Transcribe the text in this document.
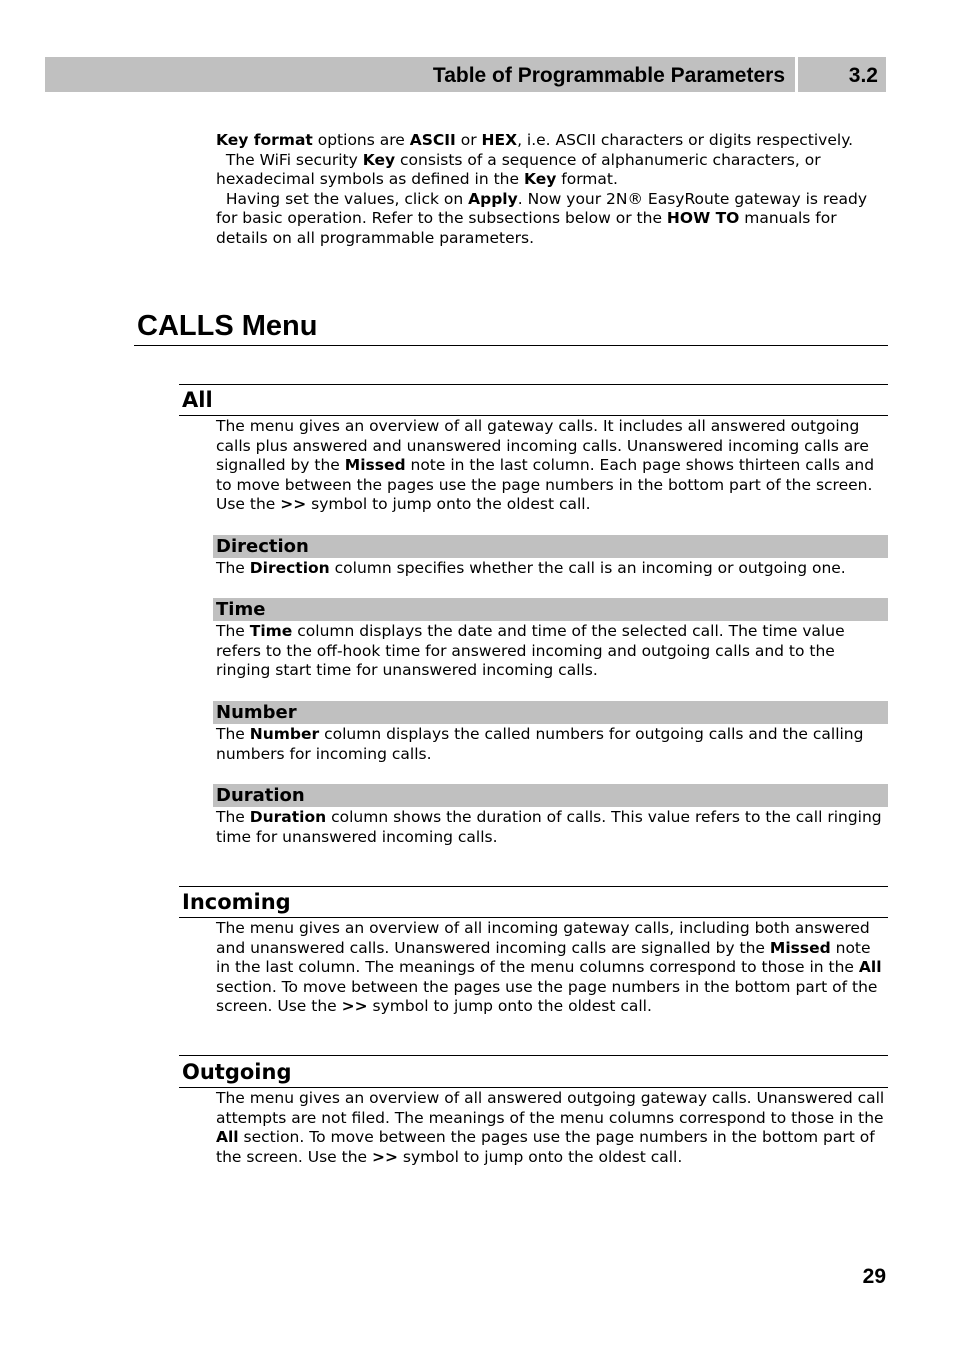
Table of Programmable Parameters	3.2
Key format options are ASCII or HEX, i.e. ASCII characters or digits respectively.
The WiFi security Key consists of a sequence of alphanumeric characters, or hexadecimal symbols as defined in the Key format.
Having set the values, click on Apply. Now your 2N® EasyRoute gateway is ready for basic operation. Refer to the subsections below or the HOW TO manuals for details on all programmable parameters.
CALLS Menu
All
The menu gives an overview of all gateway calls. It includes all answered outgoing calls plus answered and unanswered incoming calls. Unanswered incoming calls are signalled by the Missed note in the last column. Each page shows thirteen calls and to move between the pages use the page numbers in the bottom part of the screen. Use the >> symbol to jump onto the oldest call.
Direction
The Direction column specifies whether the call is an incoming or outgoing one.
Time
The Time column displays the date and time of the selected call. The time value refers to the off-hook time for answered incoming and outgoing calls and to the ringing start time for unanswered incoming calls.
Number
The Number column displays the called numbers for outgoing calls and the calling numbers for incoming calls.
Duration
The Duration column shows the duration of calls. This value refers to the call ringing time for unanswered incoming calls.
Incoming
The menu gives an overview of all incoming gateway calls, including both answered and unanswered calls. Unanswered incoming calls are signalled by the Missed note in the last column. The meanings of the menu columns correspond to those in the All section. To move between the pages use the page numbers in the bottom part of the screen. Use the >> symbol to jump onto the oldest call.
Outgoing
The menu gives an overview of all answered outgoing gateway calls. Unanswered call attempts are not filed. The meanings of the menu columns correspond to those in the All section. To move between the pages use the page numbers in the bottom part of the screen. Use the >> symbol to jump onto the oldest call.
29
